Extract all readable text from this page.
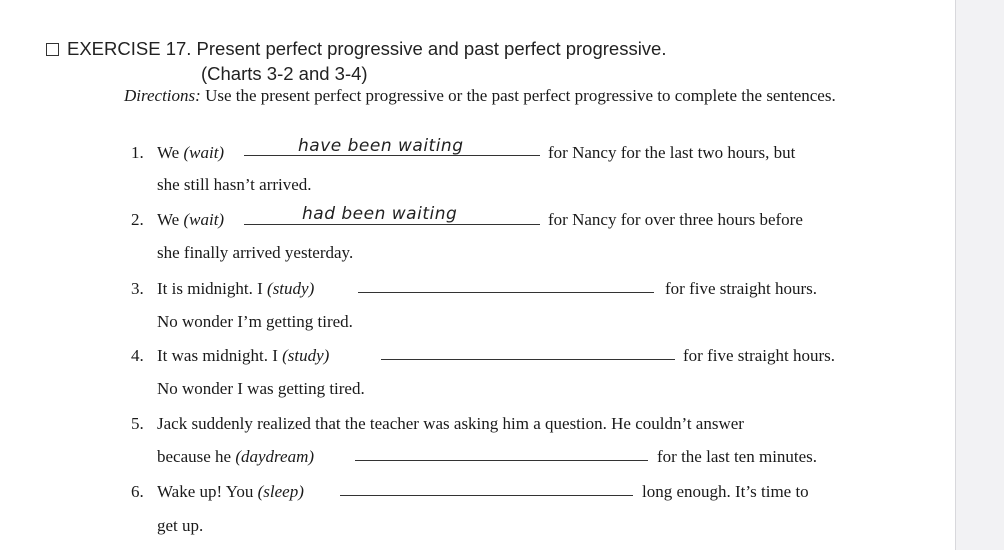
EXERCISE 17. Present perfect progressive and past perfect progressive.
(Charts 3-2 and 3-4)
Directions: Use the present perfect progressive or the past perfect progressive to complete the sentences.
1. We (wait)	have been waiting	for Nancy for the last two hours, but
she still hasn’t arrived.
2. We (wait)	had been waiting	for Nancy for over three hours before
she finally arrived yesterday.
3. It is midnight. I (study)	for five straight hours.
No wonder I’m getting tired.
4. It was midnight. I (study)	for five straight hours.
No wonder I was getting tired.
5. Jack suddenly realized that the teacher was asking him a question. He couldn’t answer
because he (daydream)	for the last ten minutes.
6. Wake up! You (sleep)	long enough. It’s time to
get up.
